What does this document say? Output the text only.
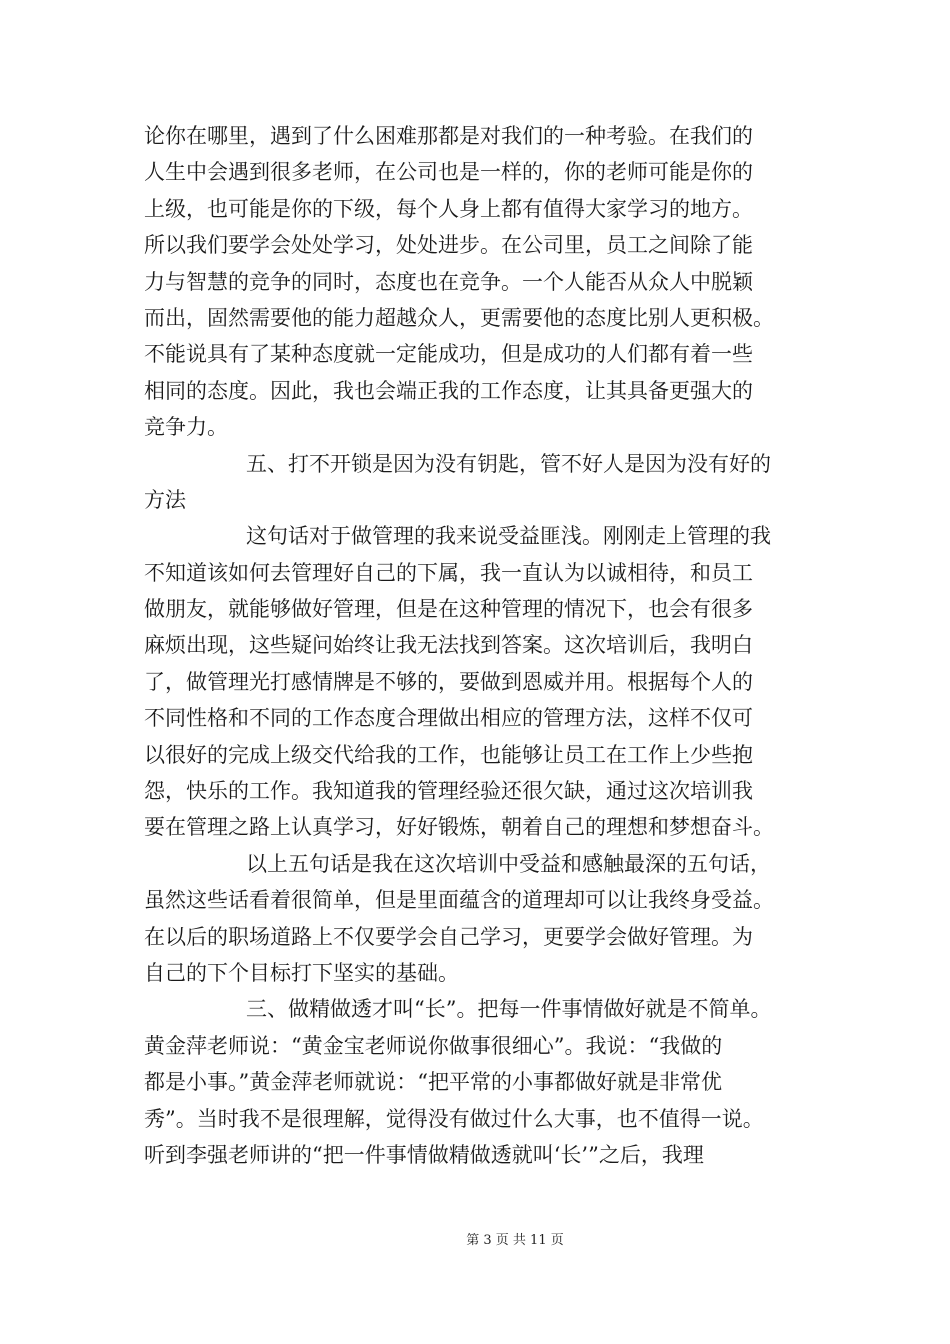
论你在哪里，遇到了什么困难那都是对我们的一种考验。在我们的
人生中会遇到很多老师，在公司也是一样的，你的老师可能是你的
上级，也可能是你的下级，每个人身上都有值得大家学习的地方。
所以我们要学会处处学习，处处进步。在公司里，员工之间除了能
力与智慧的竞争的同时，态度也在竞争。一个人能否从众人中脱颖
而出，固然需要他的能力超越众人，更需要他的态度比别人更积极。
不能说具有了某种态度就一定能成功，但是成功的人们都有着一些
相同的态度。因此，我也会端正我的工作态度，让其具备更强大的
竞争力。
五、打不开锁是因为没有钥匙，管不好人是因为没有好的
方法
这句话对于做管理的我来说受益匪浅。刚刚走上管理的我
不知道该如何去管理好自己的下属，我一直认为以诚相待，和员工
做朋友，就能够做好管理，但是在这种管理的情况下，也会有很多
麻烦出现，这些疑问始终让我无法找到答案。这次培训后，我明白
了，做管理光打感情牌是不够的，要做到恩威并用。根据每个人的
不同性格和不同的工作态度合理做出相应的管理方法，这样不仅可
以很好的完成上级交代给我的工作，也能够让员工在工作上少些抱
怨，快乐的工作。我知道我的管理经验还很欠缺，通过这次培训我
要在管理之路上认真学习，好好锻炼，朝着自己的理想和梦想奋斗。
以上五句话是我在这次培训中受益和感触最深的五句话，
虽然这些话看着很简单，但是里面蕴含的道理却可以让我终身受益。
在以后的职场道路上不仅要学会自己学习，更要学会做好管理。为
自己的下个目标打下坚实的基础。
三、做精做透才叫“长”。把每一件事情做好就是不简单。
黄金萍老师说：“黄金宝老师说你做事很细心”。我说：“我做的
都是小事。”黄金萍老师就说：“把平常的小事都做好就是非常优
秀”。当时我不是很理解，觉得没有做过什么大事，也不值得一说。
听到李强老师讲的“把一件事情做精做透就叫‘长’”之后，我理
第 3 页 共 11 页
